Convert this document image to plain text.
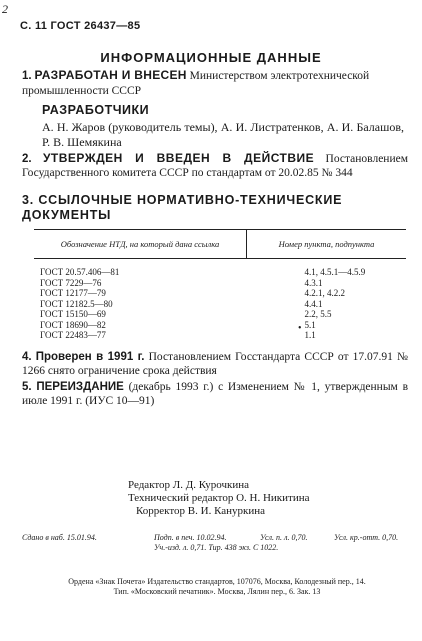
2
С. 11 ГОСТ 26437—85
ИНФОРМАЦИОННЫЕ ДАННЫЕ
1. РАЗРАБОТАН И ВНЕСЕН Министерством электротехнической промышленности СССР
РАЗРАБОТЧИКИ
А. Н. Жаров (руководитель темы), А. И. Листратенков, А. И. Балашов, Р. В. Шемякина
2. УТВЕРЖДЕН И ВВЕДЕН В ДЕЙСТВИЕ Постановлением Государственного комитета СССР по стандартам от 20.02.85 № 344
3. ССЫЛОЧНЫЕ НОРМАТИВНО-ТЕХНИЧЕСКИЕ ДОКУМЕНТЫ
Обозначение НТД, на который дана ссылка	Номер пункта, подпункта
ГОСТ 20.57.406—81	4.1, 4.5.1—4.5.9
ГОСТ 7229—76	4.3.1
ГОСТ 12177—79	4.2.1, 4.2.2
ГОСТ 12182.5—80	4.4.1
ГОСТ 15150—69	2.2, 5.5
ГОСТ 18690—82	5.1
ГОСТ 22483—77	1.1
•
4. Проверен в 1991 г. Постановлением Госстандарта СССР от 17.07.91 № 1266 снято ограничение срока действия
5. ПЕРЕИЗДАНИЕ (декабрь 1993 г.) с Изменением № 1, утвержденным в июле 1991 г. (ИУС 10—91)
Редактор Л. Д. Курочкина
Технический редактор О. Н. Никитина
Корректор В. И. Кануркина
Сдано в наб. 15.01.94.	Подп. в печ. 10.02.94.	Усл. п. л. 0,70.	Усл. кр.-отт. 0,70.
Уч.-изд. л. 0,71. Тир. 438 экз. С 1022.
Ордена «Знак Почета» Издательство стандартов, 107076, Москва, Колодезный пер., 14.
Тип. «Московский печатник». Москва, Лялин пер., 6. Зак. 13
